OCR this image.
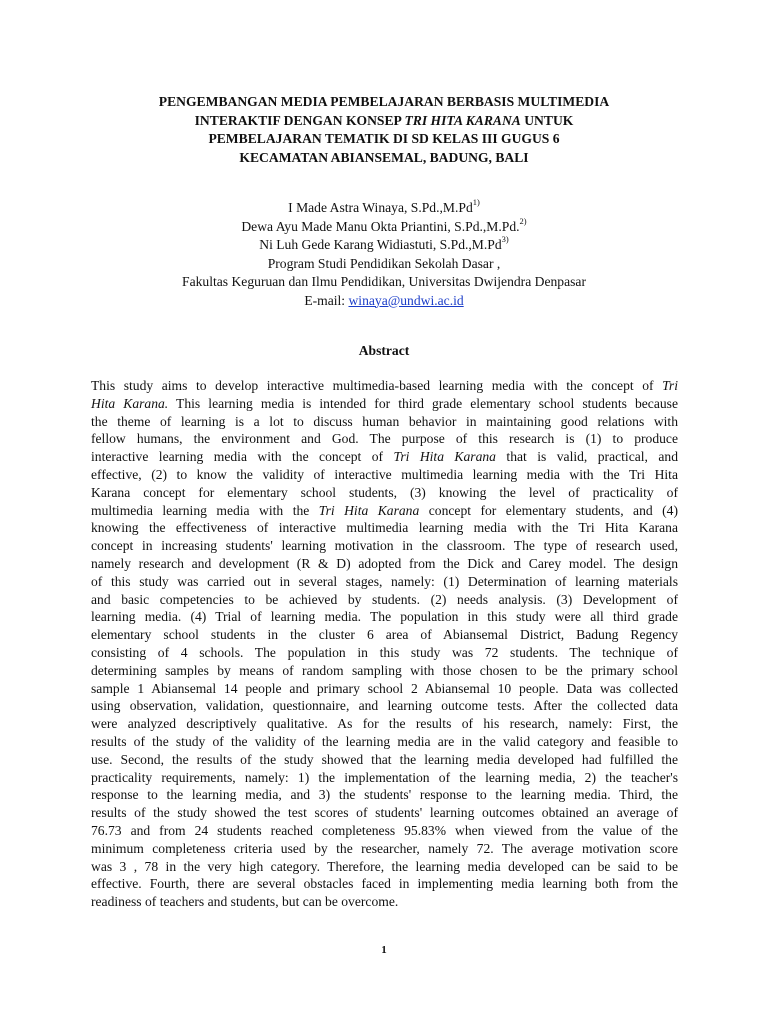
PENGEMBANGAN MEDIA PEMBELAJARAN BERBASIS MULTIMEDIA
INTERAKTIF DENGAN KONSEP TRI HITA KARANA UNTUK
PEMBELAJARAN TEMATIK DI SD KELAS III GUGUS 6
KECAMATAN ABIANSEMAL, BADUNG, BALI
I Made Astra Winaya, S.Pd.,M.Pd$^{1)}$
Dewa Ayu Made Manu Okta Priantini, S.Pd.,M.Pd.$^{2)}$
Ni Luh Gede Karang Widiastuti, S.Pd.,M.Pd$^{3)}$
Program Studi Pendidikan Sekolah Dasar ,
Fakultas Keguruan dan Ilmu Pendidikan, Universitas Dwijendra Denpasar
E-mail: winaya@undwi.ac.id
Abstract
This study aims to develop interactive multimedia-based learning media with the concept of Tri
Hita Karana. This learning media is intended for third grade elementary school students because
the theme of learning is a lot to discuss human behavior in maintaining good relations with
fellow humans, the environment and God. The purpose of this research is (1) to produce
interactive learning media with the concept of Tri Hita Karana that is valid, practical, and
effective, (2) to know the validity of interactive multimedia learning media with the Tri Hita
Karana concept for elementary school students, (3) knowing the level of practicality of
multimedia learning media with the Tri Hita Karana concept for elementary students, and (4)
knowing the effectiveness of interactive multimedia learning media with the Tri Hita Karana
concept in increasing students' learning motivation in the classroom. The type of research used,
namely research and development (R & D) adopted from the Dick and Carey model. The design
of this study was carried out in several stages, namely: (1) Determination of learning materials
and basic competencies to be achieved by students. (2) needs analysis. (3) Development of
learning media. (4) Trial of learning media. The population in this study were all third grade
elementary school students in the cluster 6 area of Abiansemal District, Badung Regency
consisting of 4 schools. The population in this study was 72 students. The technique of
determining samples by means of random sampling with those chosen to be the primary school
sample 1 Abiansemal 14 people and primary school 2 Abiansemal 10 people. Data was collected
using observation, validation, questionnaire, and learning outcome tests. After the collected data
were analyzed descriptively qualitative. As for the results of his research, namely: First, the
results of the study of the validity of the learning media are in the valid category and feasible to
use. Second, the results of the study showed that the learning media developed had fulfilled the
practicality requirements, namely: 1) the implementation of the learning media, 2) the teacher's
response to the learning media, and 3) the students' response to the learning media. Third, the
results of the study showed the test scores of students' learning outcomes obtained an average of
76.73 and from 24 students reached completeness 95.83% when viewed from the value of the
minimum completeness criteria used by the researcher, namely 72. The average motivation score
was 3 , 78 in the very high category. Therefore, the learning media developed can be said to be
effective. Fourth, there are several obstacles faced in implementing media learning both from the
readiness of teachers and students, but can be overcome.
1
